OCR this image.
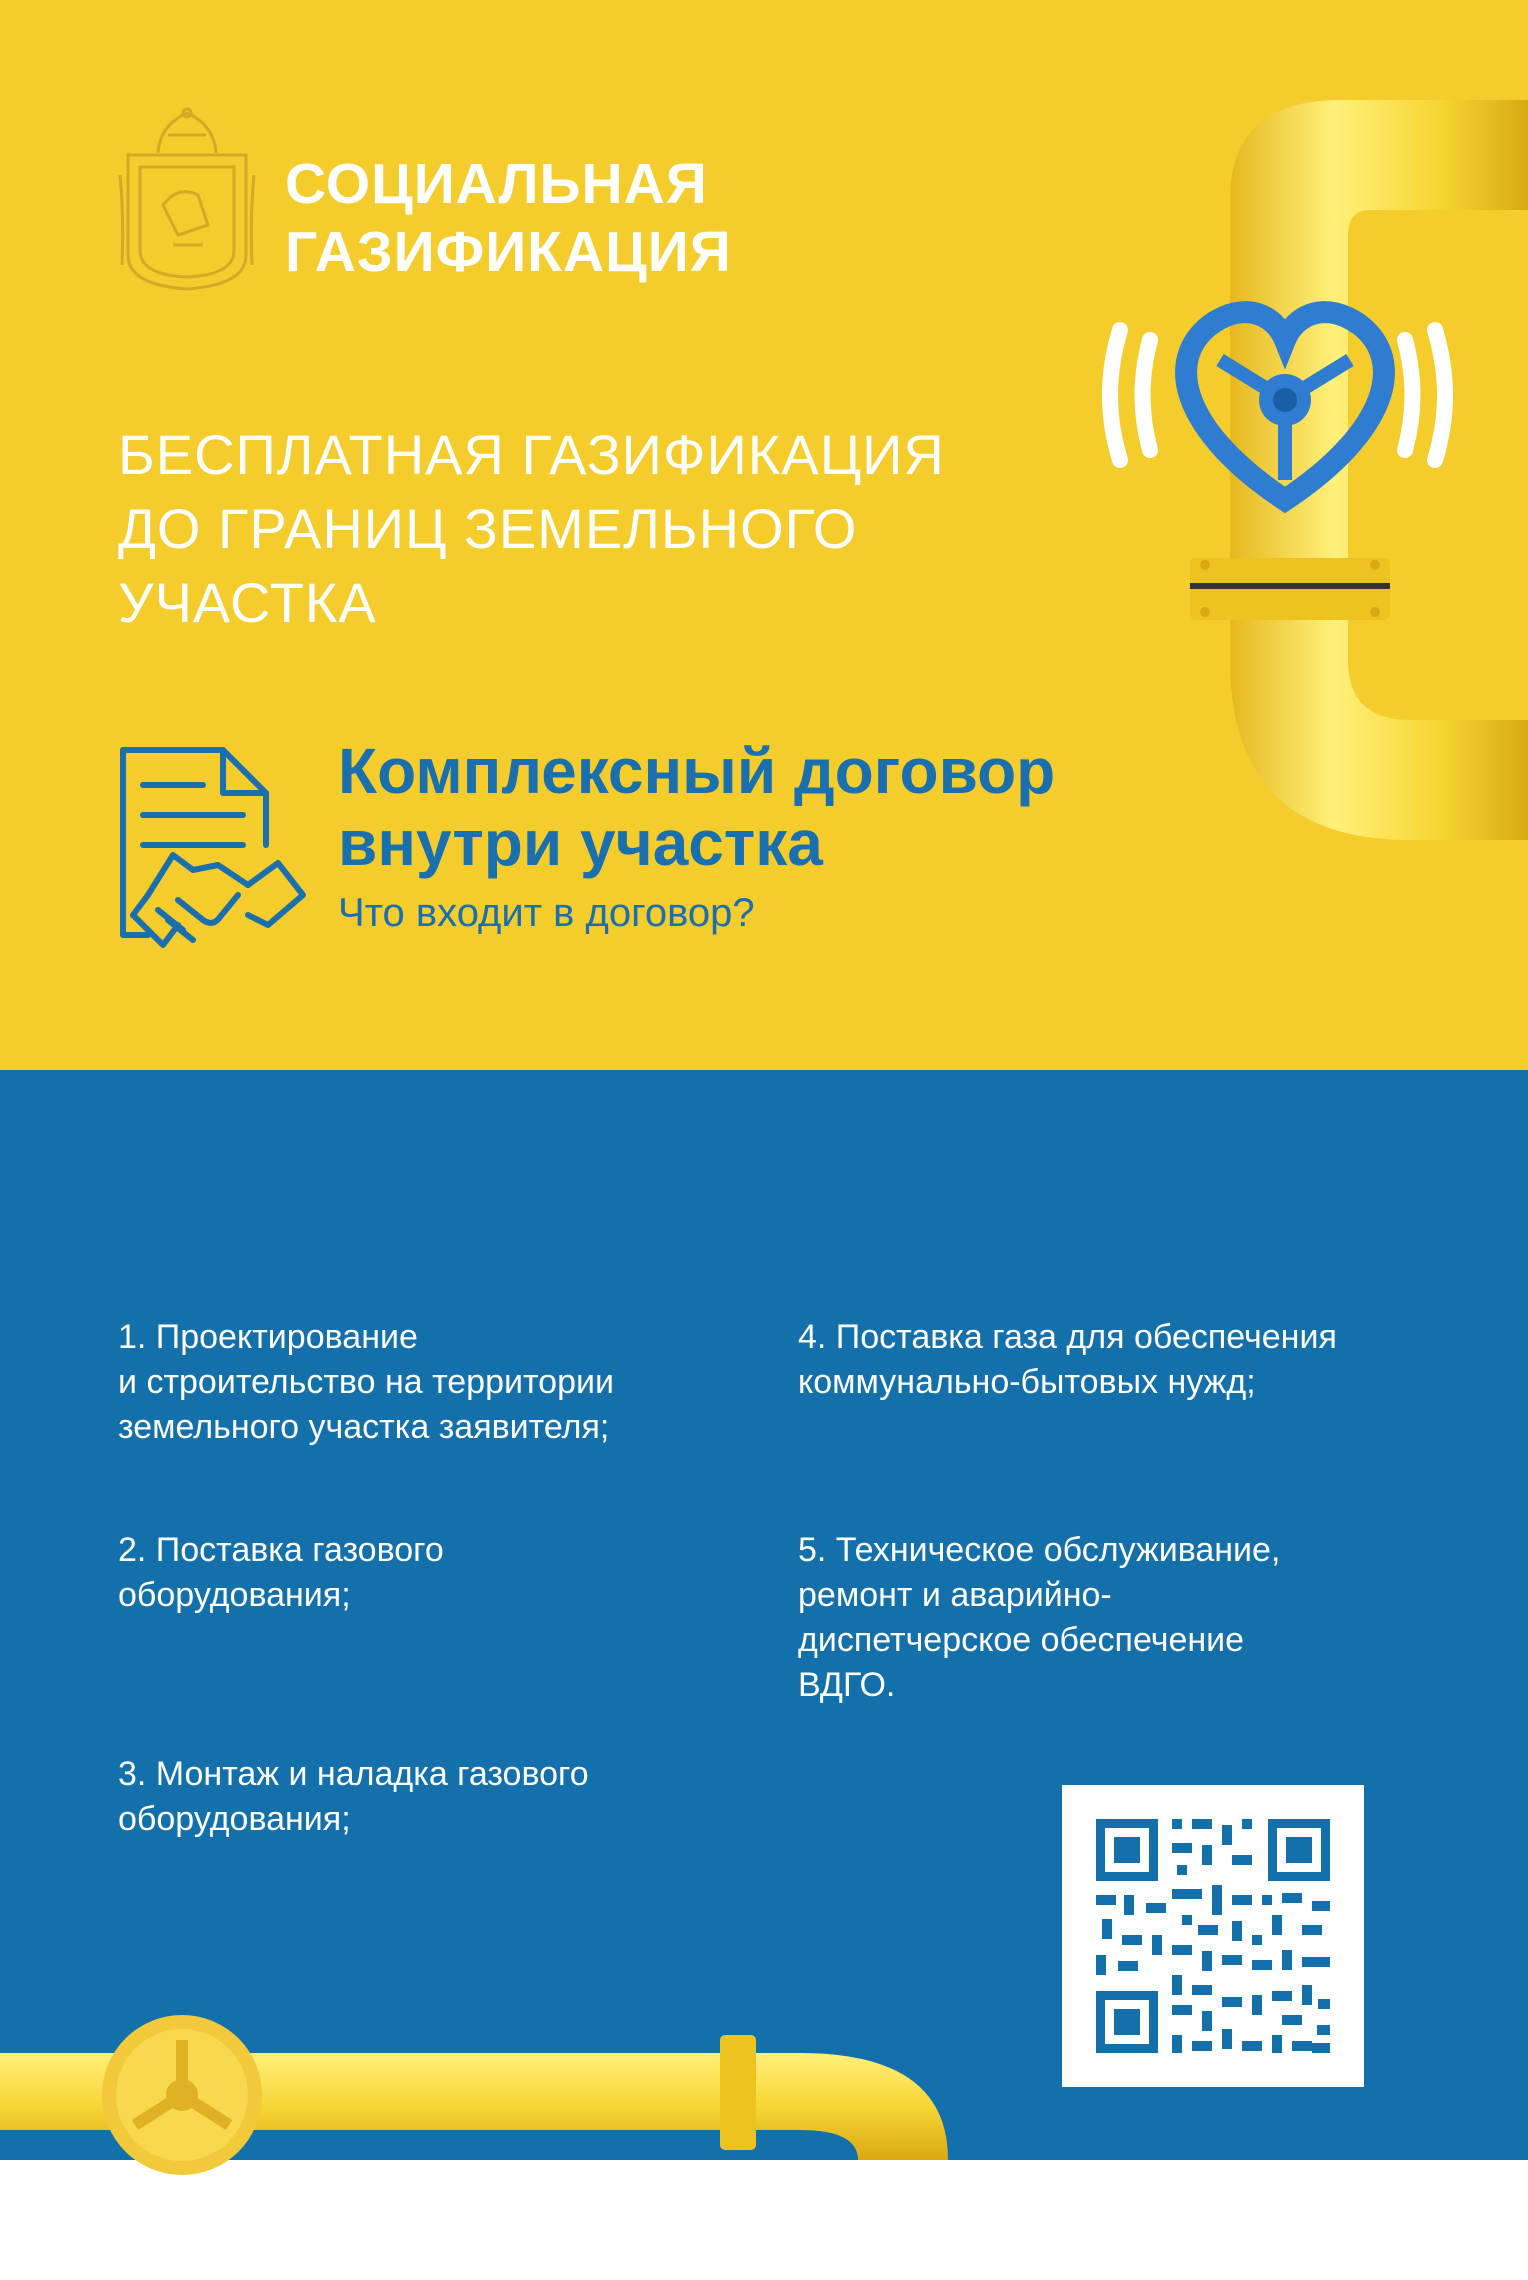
СОЦИАЛЬНАЯ
ГАЗИФИКАЦИЯ
БЕСПЛАТНАЯ ГАЗИФИКАЦИЯ
ДО ГРАНИЦ ЗЕМЕЛЬНОГО
УЧАСТКА
Комплексный договор
внутри участка
Что входит в договор?
Комплексный договор включает:

1. Проектирование

и строительство на территории

земельного участка заявителя;

2. Поставка газового

оборудования;

3. Монтаж и наладка газового

оборудования;

4. Поставка газа для обеспечения

коммунально-бытовых нужд;

5. Техническое обслуживание,

ремонт и аварийно-

диспетчерское обеспечение

ВДГО.
